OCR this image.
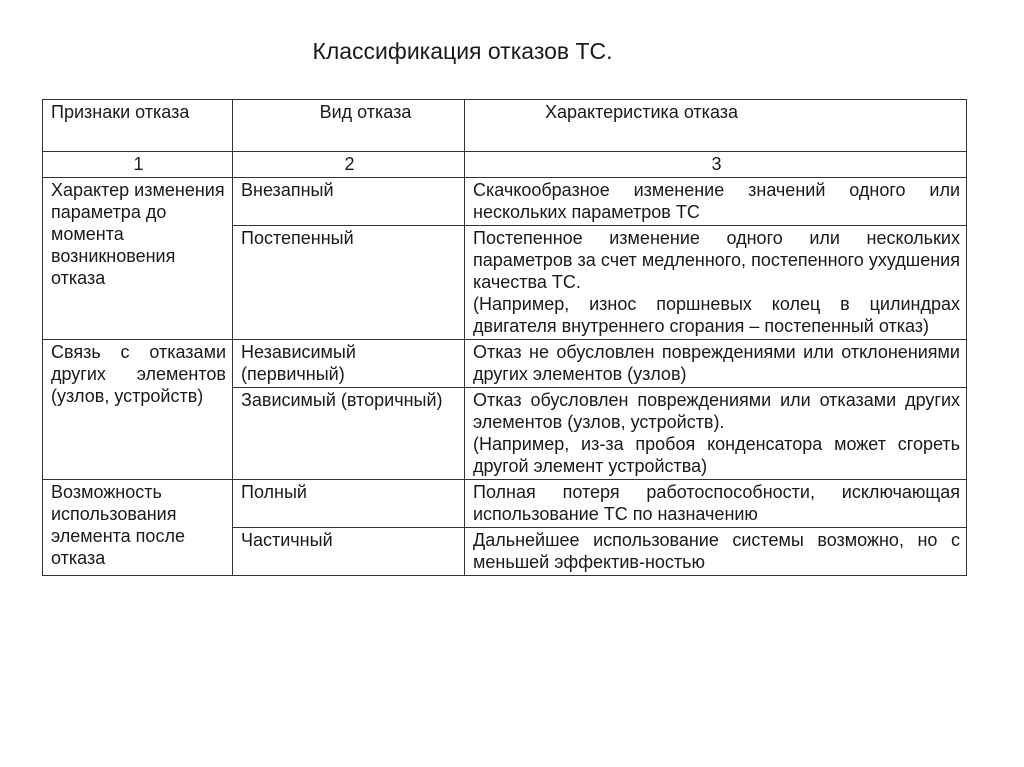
Классификация отказов ТС.
Признаки отказа	Вид отказа	Характеристика отказа
1	2	3
Характер изменения параметра до момента возникновения отказа	Внезапный	Скачкообразное изменение значений одного или нескольких параметров ТС

	Постепенный	Постепенное изменение одного или нескольких параметров за счет медленного, постепенного ухудшения качества ТС.
(Например, износ поршневых колец в цилиндрах двигателя внутреннего сгорания – постепенный отказ)

Связь с отказами других элементов (узлов, устройств)	Независимый (первичный)	Отказ не обусловлен повреждениями или отклонениями других элементов (узлов)

	Зависимый (вторичный)	Отказ обусловлен повреждениями или отказами других элементов (узлов, устройств).
(Например, из-за пробоя конденсатора может сгореть другой элемент устройства)

Возможность использования элемента после отказа	Полный	Полная потеря работоспособности, исключающая использование ТС по назначению

	Частичный	Дальнейшее использование системы возможно, но с меньшей эффектив-ностью
